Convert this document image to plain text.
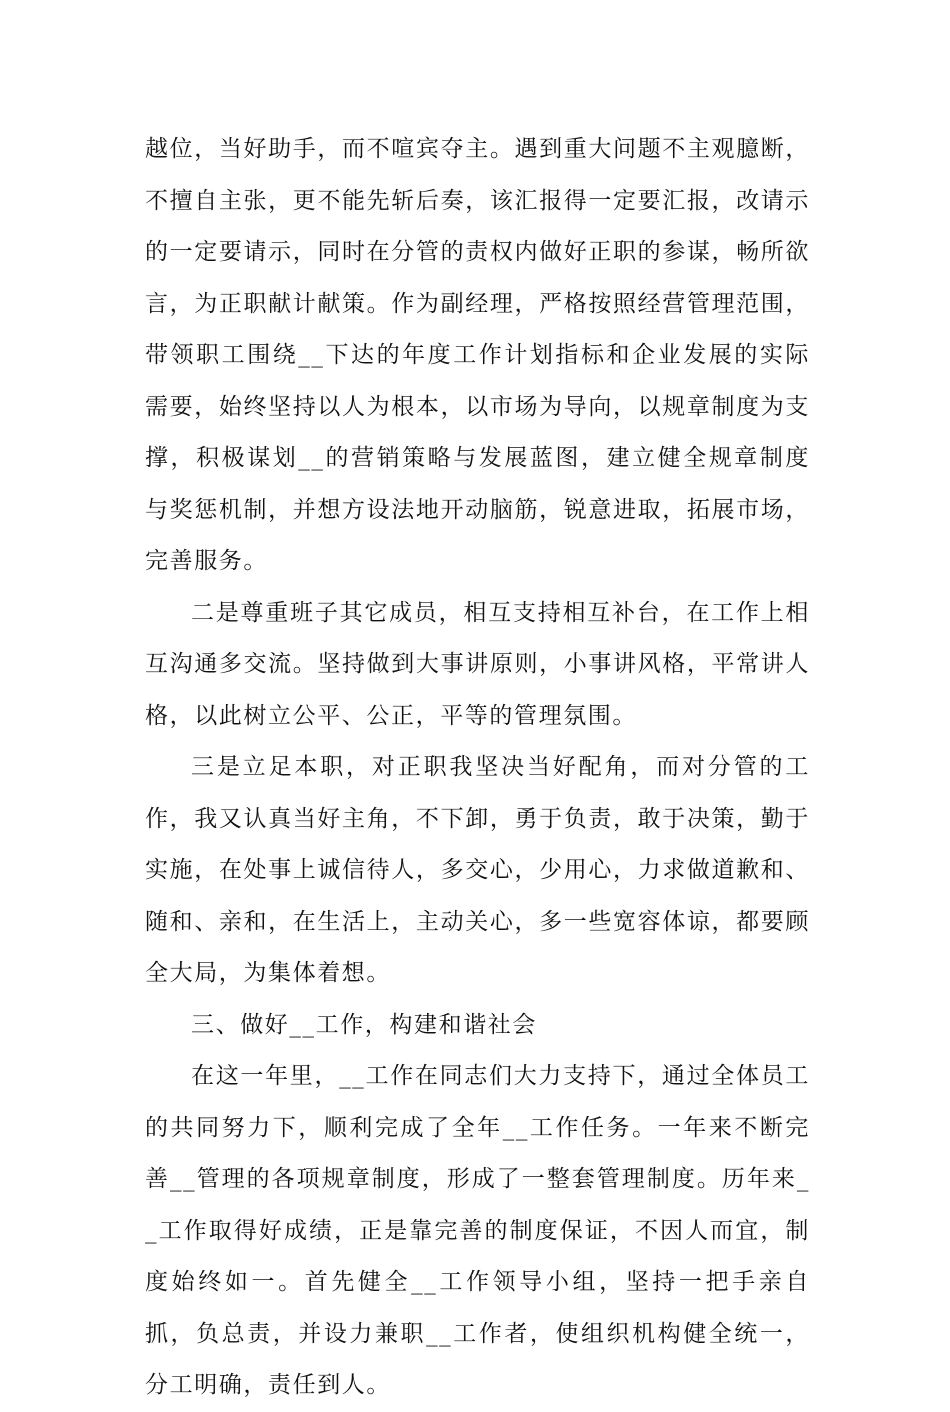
越位，当好助手，而不喧宾夺主。遇到重大问题不主观臆断，不擅自主张，更不能先斩后奏，该汇报得一定要汇报，改请示的一定要请示，同时在分管的责权内做好正职的参谋，畅所欲言，为正职献计献策。作为副经理，严格按照经营管理范围，带领职工围绕__下达的年度工作计划指标和企业发展的实际需要，始终坚持以人为根本，以市场为导向，以规章制度为支撑，积极谋划__的营销策略与发展蓝图，建立健全规章制度与奖惩机制，并想方设法地开动脑筋，锐意进取，拓展市场，完善服务。

二是尊重班子其它成员，相互支持相互补台，在工作上相互沟通多交流。坚持做到大事讲原则，小事讲风格，平常讲人格，以此树立公平、公正，平等的管理氛围。

三是立足本职，对正职我坚决当好配角，而对分管的工作，我又认真当好主角，不下卸，勇于负责，敢于决策，勤于实施，在处事上诚信待人，多交心，少用心，力求做道歉和、随和、亲和，在生活上，主动关心，多一些宽容体谅，都要顾全大局，为集体着想。

三、做好__工作，构建和谐社会

在这一年里，__工作在同志们大力支持下，通过全体员工的共同努力下，顺利完成了全年__工作任务。一年来不断完善__管理的各项规章制度，形成了一整套管理制度。历年来__工作取得好成绩，正是靠完善的制度保证，不因人而宜，制度始终如一。首先健全__工作领导小组，坚持一把手亲自抓，负总责，并设力兼职__工作者，使组织机构健全统一，分工明确，责任到人。
